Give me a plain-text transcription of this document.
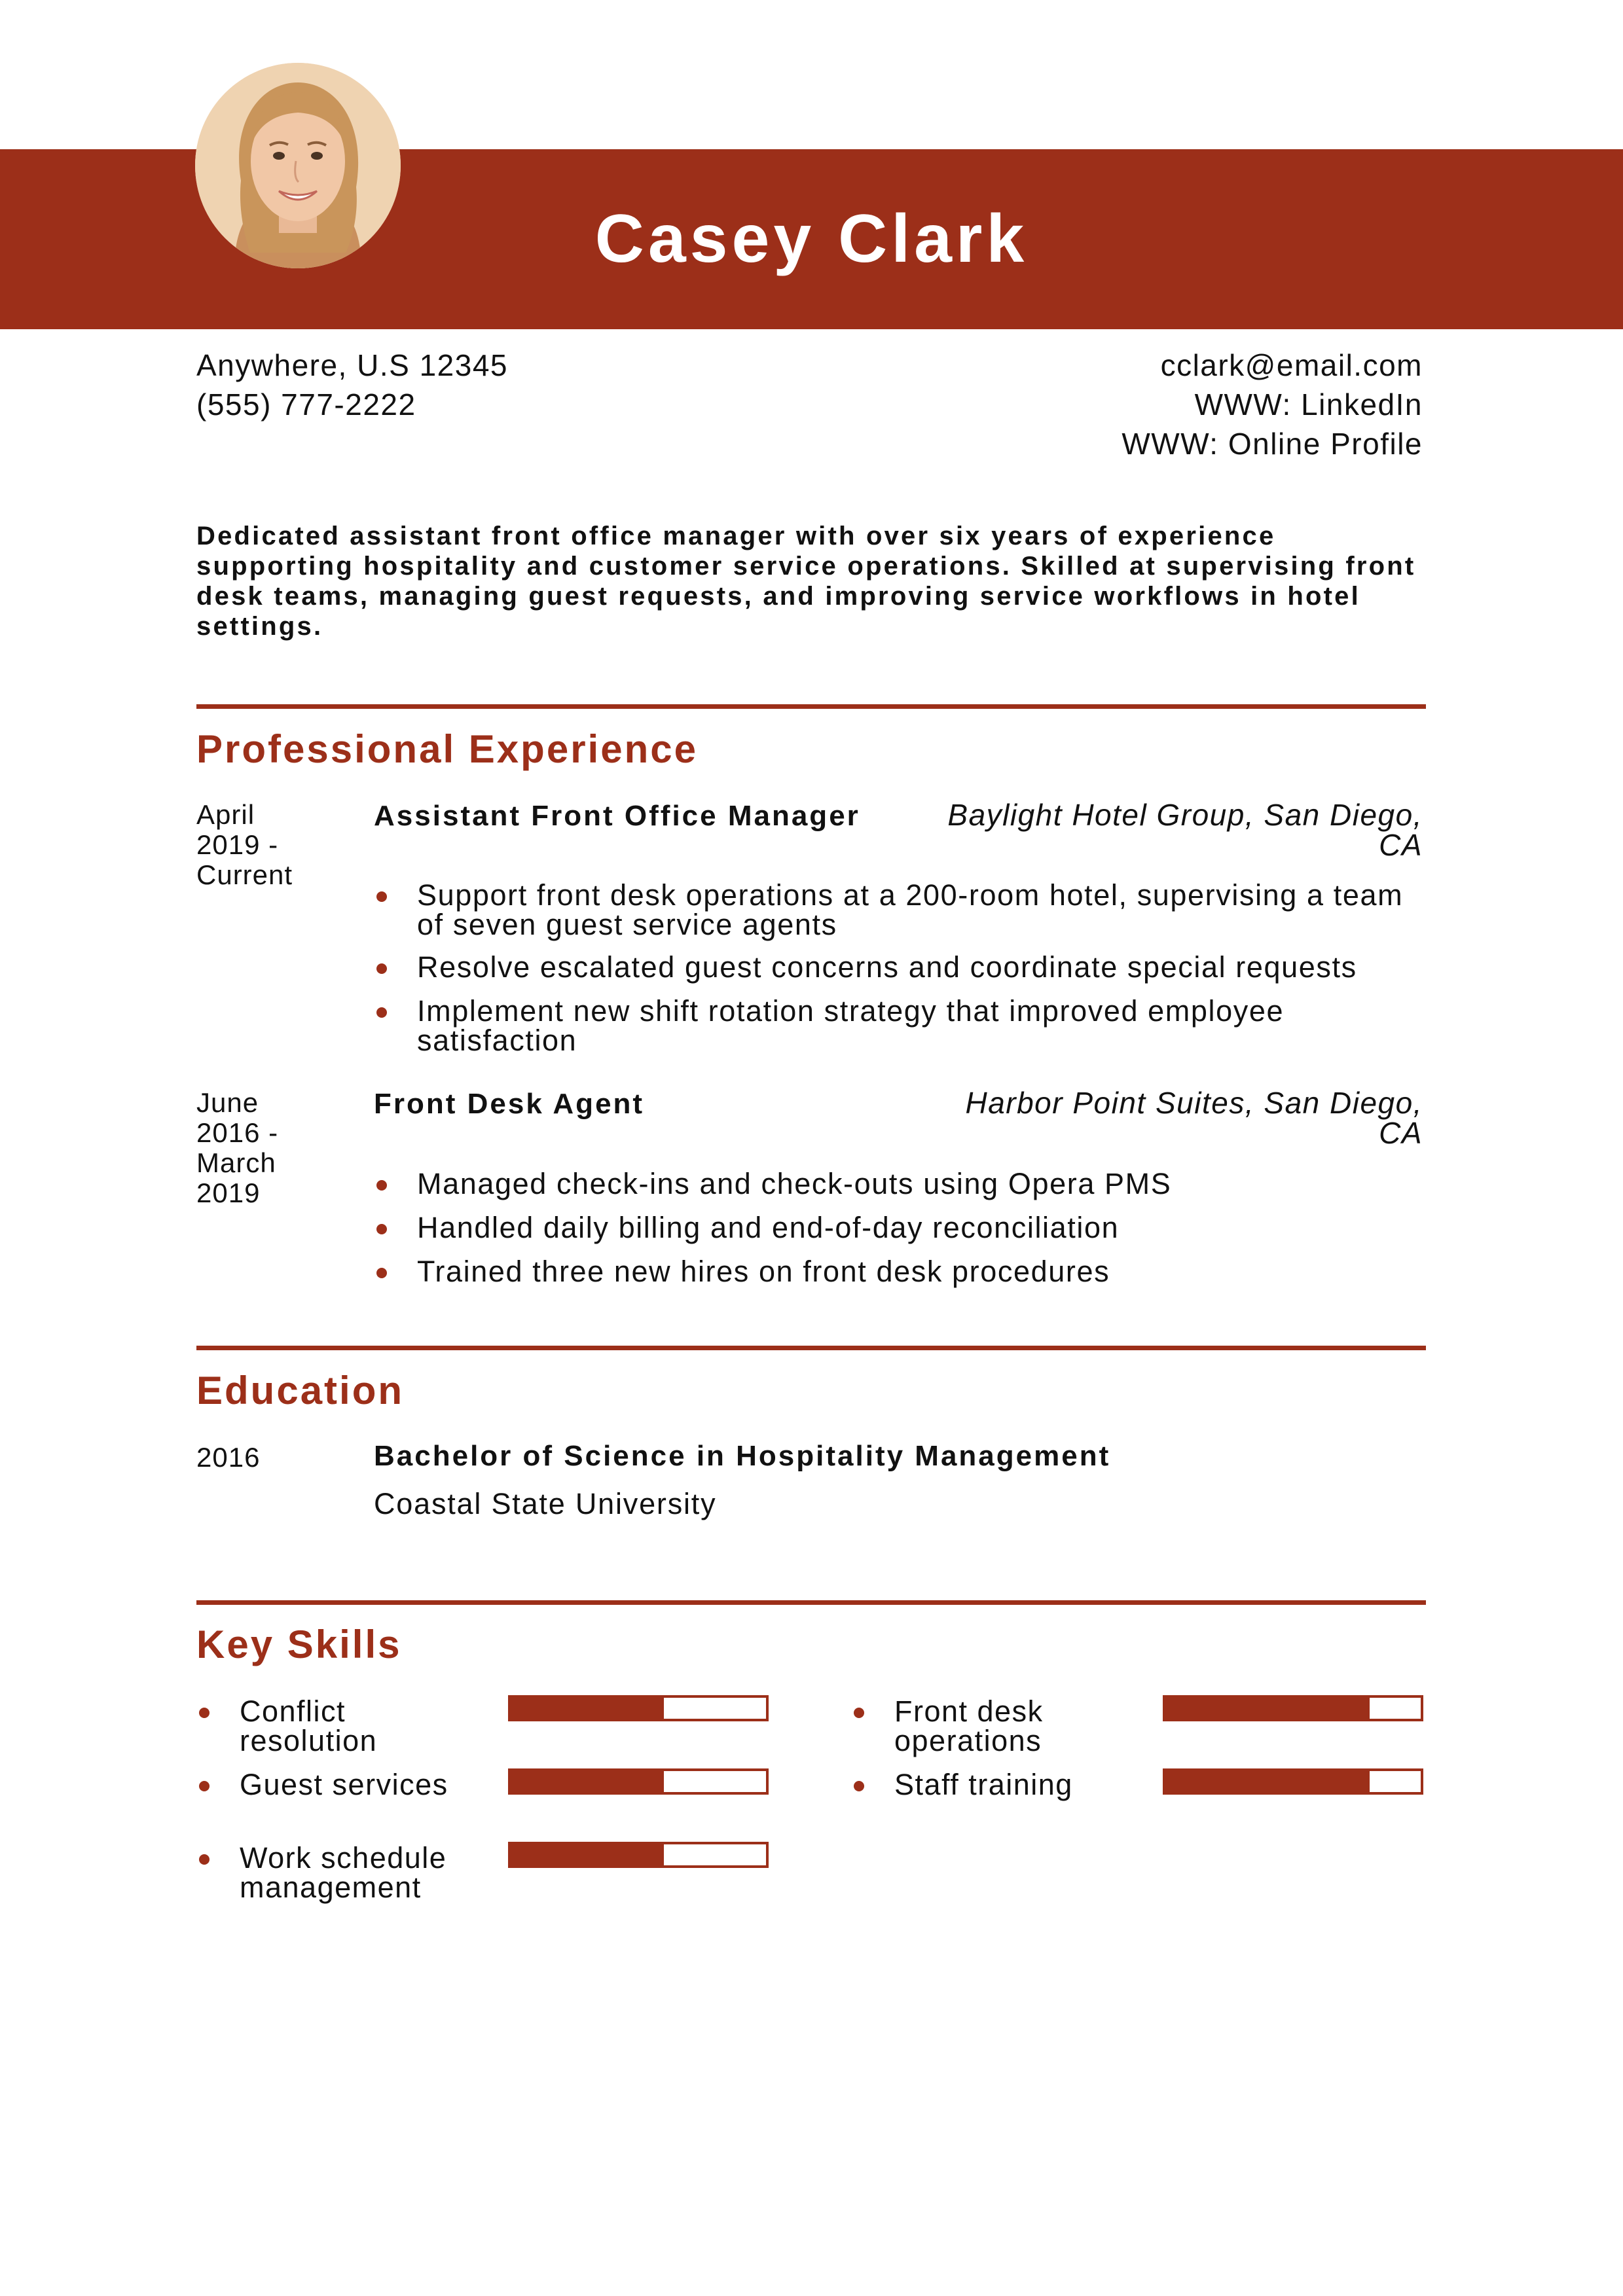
Casey Clark
Anywhere, U.S 12345
(555) 777-2222
cclark@email.com
WWW: LinkedIn
WWW: Online Profile
Dedicated assistant front office manager with over six years of experience supporting hospitality and customer service operations. Skilled at supervising front desk teams, managing guest requests, and improving service workflows in hotel settings.
Professional Experience
April
2019 -
Current
Assistant Front Office Manager	Baylight Hotel Group, San Diego,
CA
Support front desk operations at a 200-room hotel, supervising a team of seven guest service agents
Resolve escalated guest concerns and coordinate special requests
Implement new shift rotation strategy that improved employee satisfaction
June
2016 -
March
2019
Front Desk Agent	Harbor Point Suites, San Diego,
CA
Managed check-ins and check-outs using Opera PMS
Handled daily billing and end-of-day reconciliation
Trained three new hires on front desk procedures
Education
2016	Bachelor of Science in Hospitality Management
Coastal State University
Key Skills
Conflict resolution
Guest services
Work schedule management
Front desk operations
Staff training
